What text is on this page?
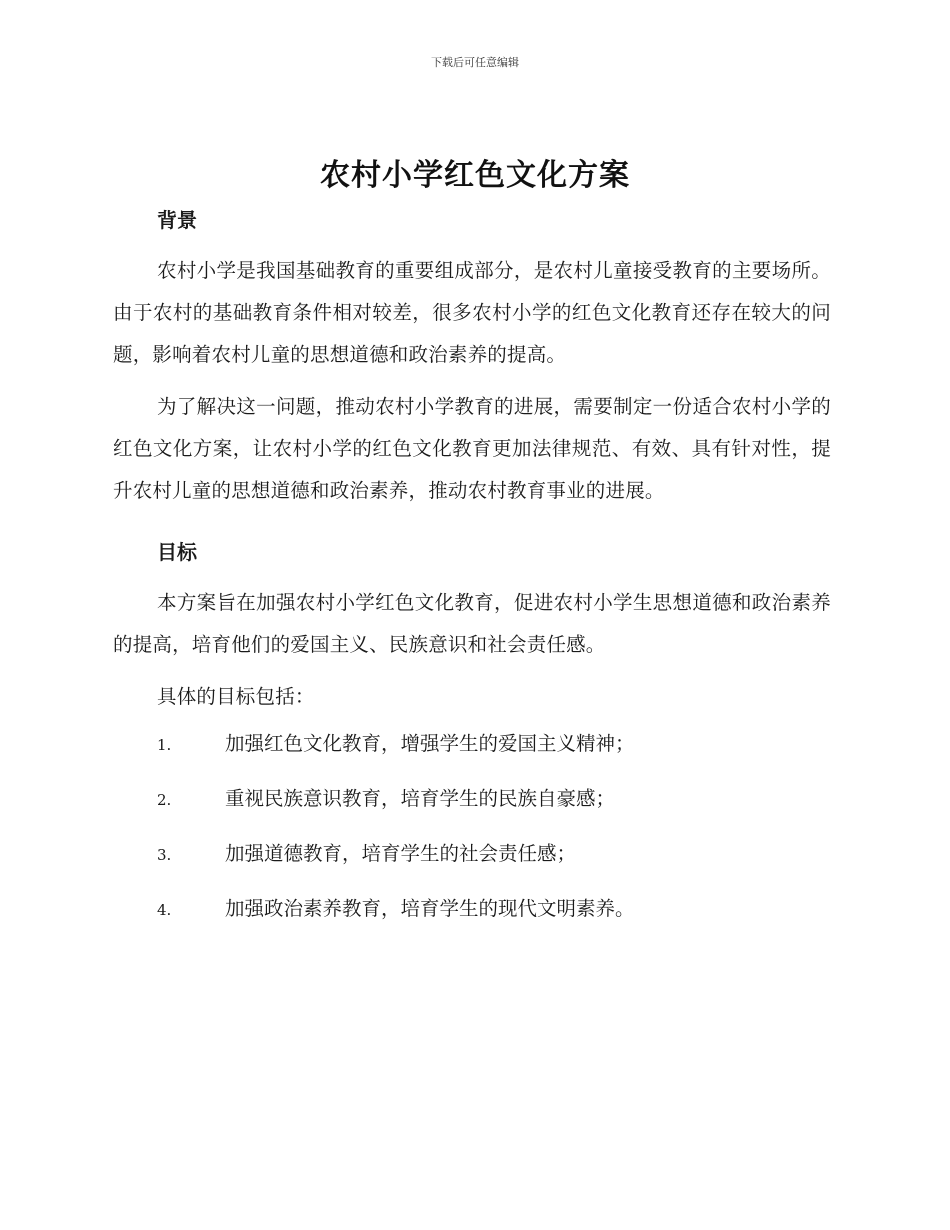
下载后可任意编辑
农村小学红色文化方案
背景

农村小学是我国基础教育的重要组成部分，是农村儿童接受教育的主要场所。由于农村的基础教育条件相对较差，很多农村小学的红色文化教育还存在较大的问题，影响着农村儿童的思想道德和政治素养的提高。

为了解决这一问题，推动农村小学教育的进展，需要制定一份适合农村小学的红色文化方案，让农村小学的红色文化教育更加法律规范、有效、具有针对性，提升农村儿童的思想道德和政治素养，推动农村教育事业的进展。

目标

本方案旨在加强农村小学红色文化教育，促进农村小学生思想道德和政治素养的提高，培育他们的爱国主义、民族意识和社会责任感。

具体的目标包括：

1.	加强红色文化教育，增强学生的爱国主义精神；
2.	重视民族意识教育，培育学生的民族自豪感；
3.	加强道德教育，培育学生的社会责任感；
4.	加强政治素养教育，培育学生的现代文明素养。
